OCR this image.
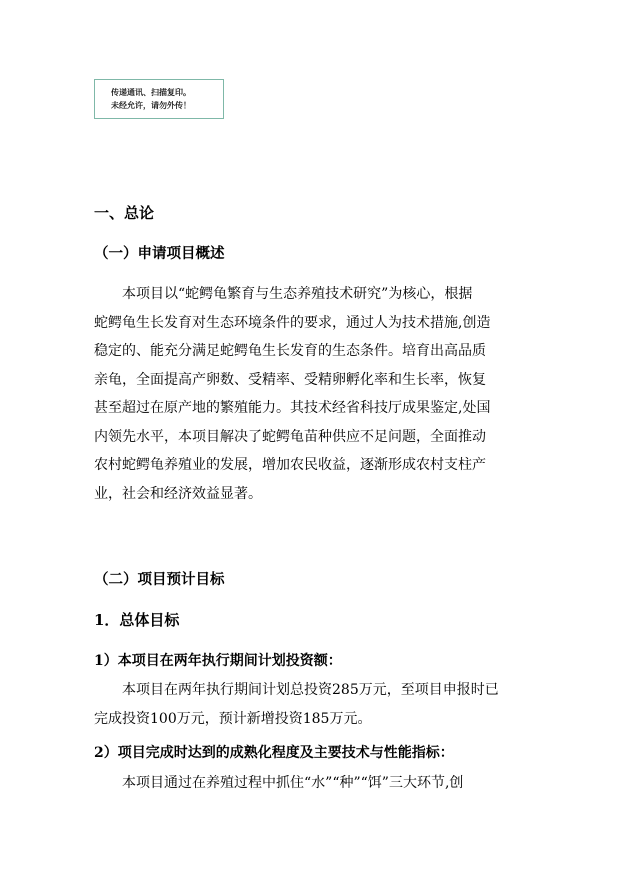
传递通讯、扫描复印。
未经允许，请勿外传！
一、总论
（一）申请项目概述
本项目以“蛇鳄龟繁育与生态养殖技术研究”为核心，根据
蛇鳄龟生长发育对生态环境条件的要求，通过人为技术措施,创造
稳定的、能充分满足蛇鳄龟生长发育的生态条件。培育出高品质
亲龟，全面提高产卵数、受精率、受精卵孵化率和生长率，恢复
甚至超过在原产地的繁殖能力。其技术经省科技厅成果鉴定,处国
内领先水平，本项目解决了蛇鳄龟苗种供应不足问题，全面推动
农村蛇鳄龟养殖业的发展，增加农民收益，逐渐形成农村支柱产
业，社会和经济效益显著。
（二）项目预计目标
1．总体目标
1）本项目在两年执行期间计划投资额：
本项目在两年执行期间计划总投资285万元，至项目申报时已
完成投资100万元，预计新增投资185万元。
2）项目完成时达到的成熟化程度及主要技术与性能指标：
本项目通过在养殖过程中抓住“水”“种”“饵”三大环节,创
